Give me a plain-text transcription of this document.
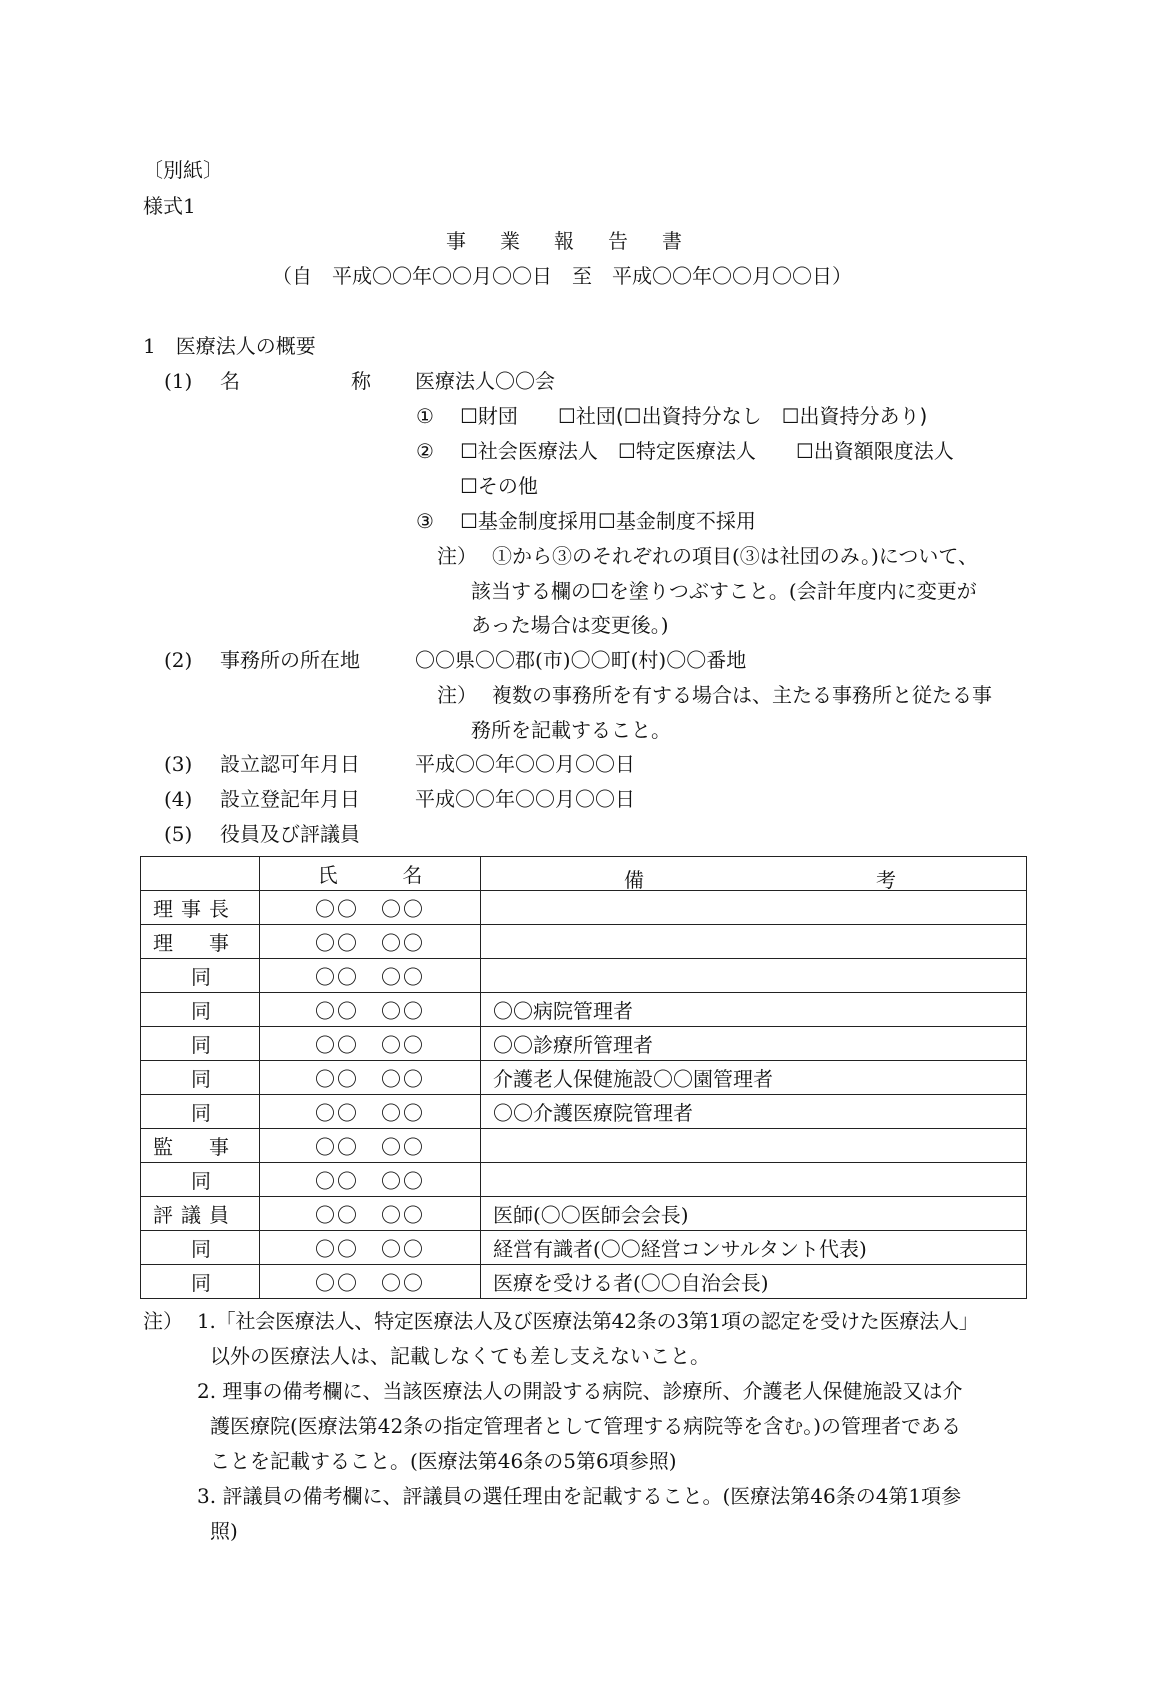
〔別紙〕
様式1
事業報告書
（自　平成〇〇年〇〇月〇〇日　至　平成〇〇年〇〇月〇〇日）
1　医療法人の概要
(1) 名	称 医療法人〇〇会
① ☐財団　　☐社団(☐出資持分なし　☐出資持分あり)
② ☐社会医療法人　☐特定医療法人　　☐出資額限度法人
☐その他
③ ☐基金制度採用☐基金制度不採用
注） ①から③のそれぞれの項目(③は社団のみ。)について、
該当する欄の☐を塗りつぶすこと。(会計年度内に変更が
あった場合は変更後。)
(2) 事務所の所在地	〇〇県〇〇郡(市)〇〇町(村)〇〇番地
注） 複数の事務所を有する場合は、主たる事務所と従たる事
務所を記載すること。
(3) 設立認可年月日	平成〇〇年〇〇月〇〇日
(4) 設立登記年月日	平成〇〇年〇〇月〇〇日
(5) 役員及び評議員
	氏 名	備 考

理事長	〇〇　〇〇	

理　事	〇〇　〇〇	

同	〇〇　〇〇	

同	〇〇　〇〇	〇〇病院管理者

同	〇〇　〇〇	〇〇診療所管理者

同	〇〇　〇〇	介護老人保健施設〇〇園管理者

同	〇〇　〇〇	〇〇介護医療院管理者

監　事	〇〇　〇〇	

同	〇〇　〇〇	

評議員	〇〇　〇〇	医師(〇〇医師会会長)

同	〇〇　〇〇	経営有識者(〇〇経営コンサルタント代表)

同	〇〇　〇〇	医療を受ける者(〇〇自治会長)
注） 1.「社会医療法人、特定医療法人及び医療法第42条の3第1項の認定を受けた医療法人」
以外の医療法人は、記載しなくても差し支えないこと。
2. 理事の備考欄に、当該医療法人の開設する病院、診療所、介護老人保健施設又は介
護医療院(医療法第42条の指定管理者として管理する病院等を含む。)の管理者である
ことを記載すること。(医療法第46条の5第6項参照)
3. 評議員の備考欄に、評議員の選任理由を記載すること。(医療法第46条の4第1項参
照)
